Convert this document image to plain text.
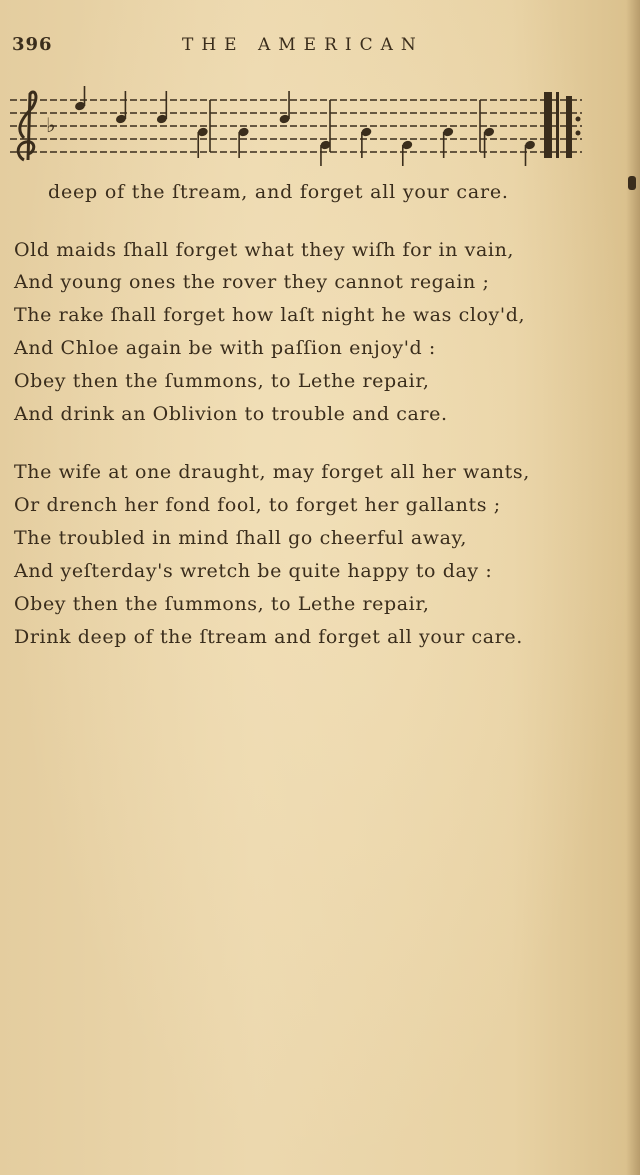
396	THE AMERICAN
♭
deep of the ſtream, and forget all your care.
Old maids ſhall forget what they wiſh for in vain,
And young ones the rover they cannot regain ;
The rake ſhall forget how laſt night he was cloy'd,
And Chloe again be with paſſion enjoy'd :
Obey then the ſummons, to Lethe repair,
And drink an Oblivion to trouble and care.
The wife at one draught, may forget all her wants,
Or drench her fond fool, to forget her gallants ;
The troubled in mind ſhall go cheerful away,
And yeſterday's wretch be quite happy to day :
Obey then the ſummons, to Lethe repair,
Drink deep of the ſtream and forget all your care.
